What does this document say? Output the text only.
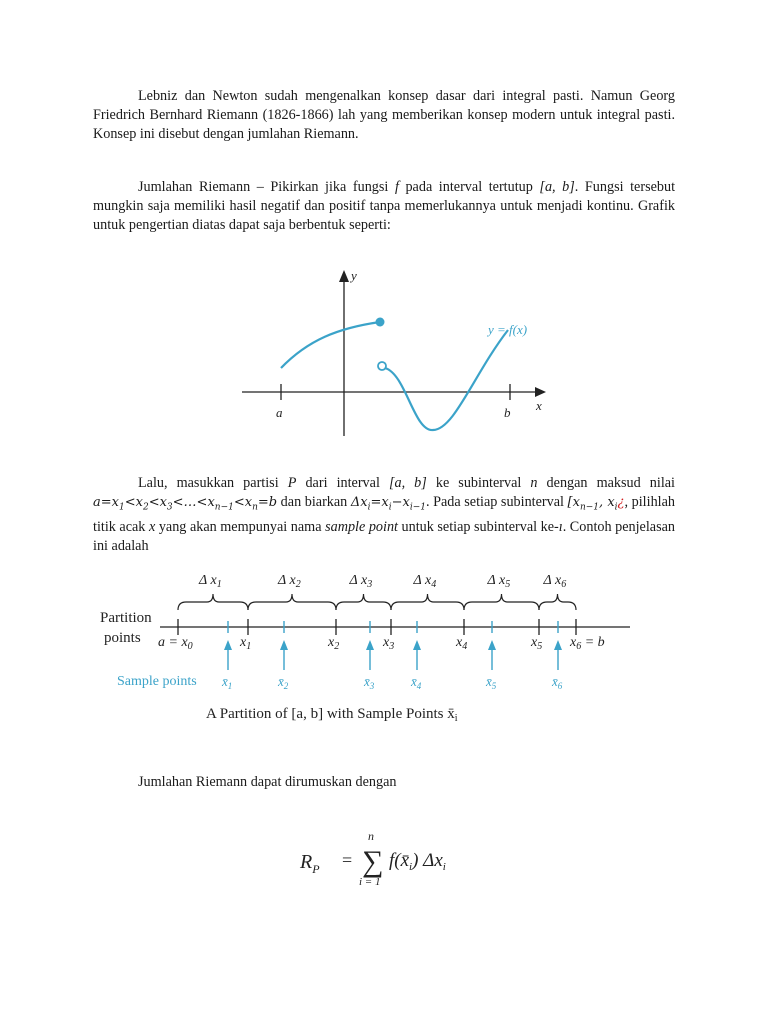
Lebniz dan Newton sudah mengenalkan konsep dasar dari integral pasti. Namun Georg Friedrich Bernhard Riemann (1826-1866) lah yang memberikan konsep modern untuk integral pasti. Konsep ini disebut dengan jumlahan Riemann.

Jumlahan Riemann – Pikirkan jika fungsi f pada interval tertutup [a, b]. Fungsi tersebut mungkin saja memiliki hasil negatif dan positif tanpa memerlukannya untuk menjadi kontinu. Grafik untuk pengertian diatas dapat saja berbentuk seperti:

y
x
a	b
y = f(x)

Lalu, masukkan partisi P dari interval [a, b] ke subinterval n dengan maksud nilai $a=x_1<x_2<x_3<\dots<x_{n-1}<x_n=b$ dan biarkan $\Delta x_i=x_i-x_{i-1}$. Pada setiap subinterval [$x_{n-1}$, $x_i¿$, pilihlah titik acak x yang akan mempunyai nama sample point untuk setiap subinterval ke-ı. Contoh penjelasan ini adalah

Δ $x_1$	Δ $x_2$	Δ $x_3$	Δ $x_4$	Δ $x_5$ Δ $x_6$
$a = x_0$	$x_1$	$x_2$	$x_3$	$x_4$	$x_5$ $x_6 = b$
$x̄_1$	$x̄_2$	$x̄_3$	$x̄_4$	$x̄_5$	$x̄_6$
Partition
points
Sample points
A Partition of [a, b] with Sample Points $x̄_i$

Jumlahan Riemann dapat dirumuskan dengan

$R_P$ =
n
∑
i = 1
$f(x̄_i)$ $\Delta x_i$
